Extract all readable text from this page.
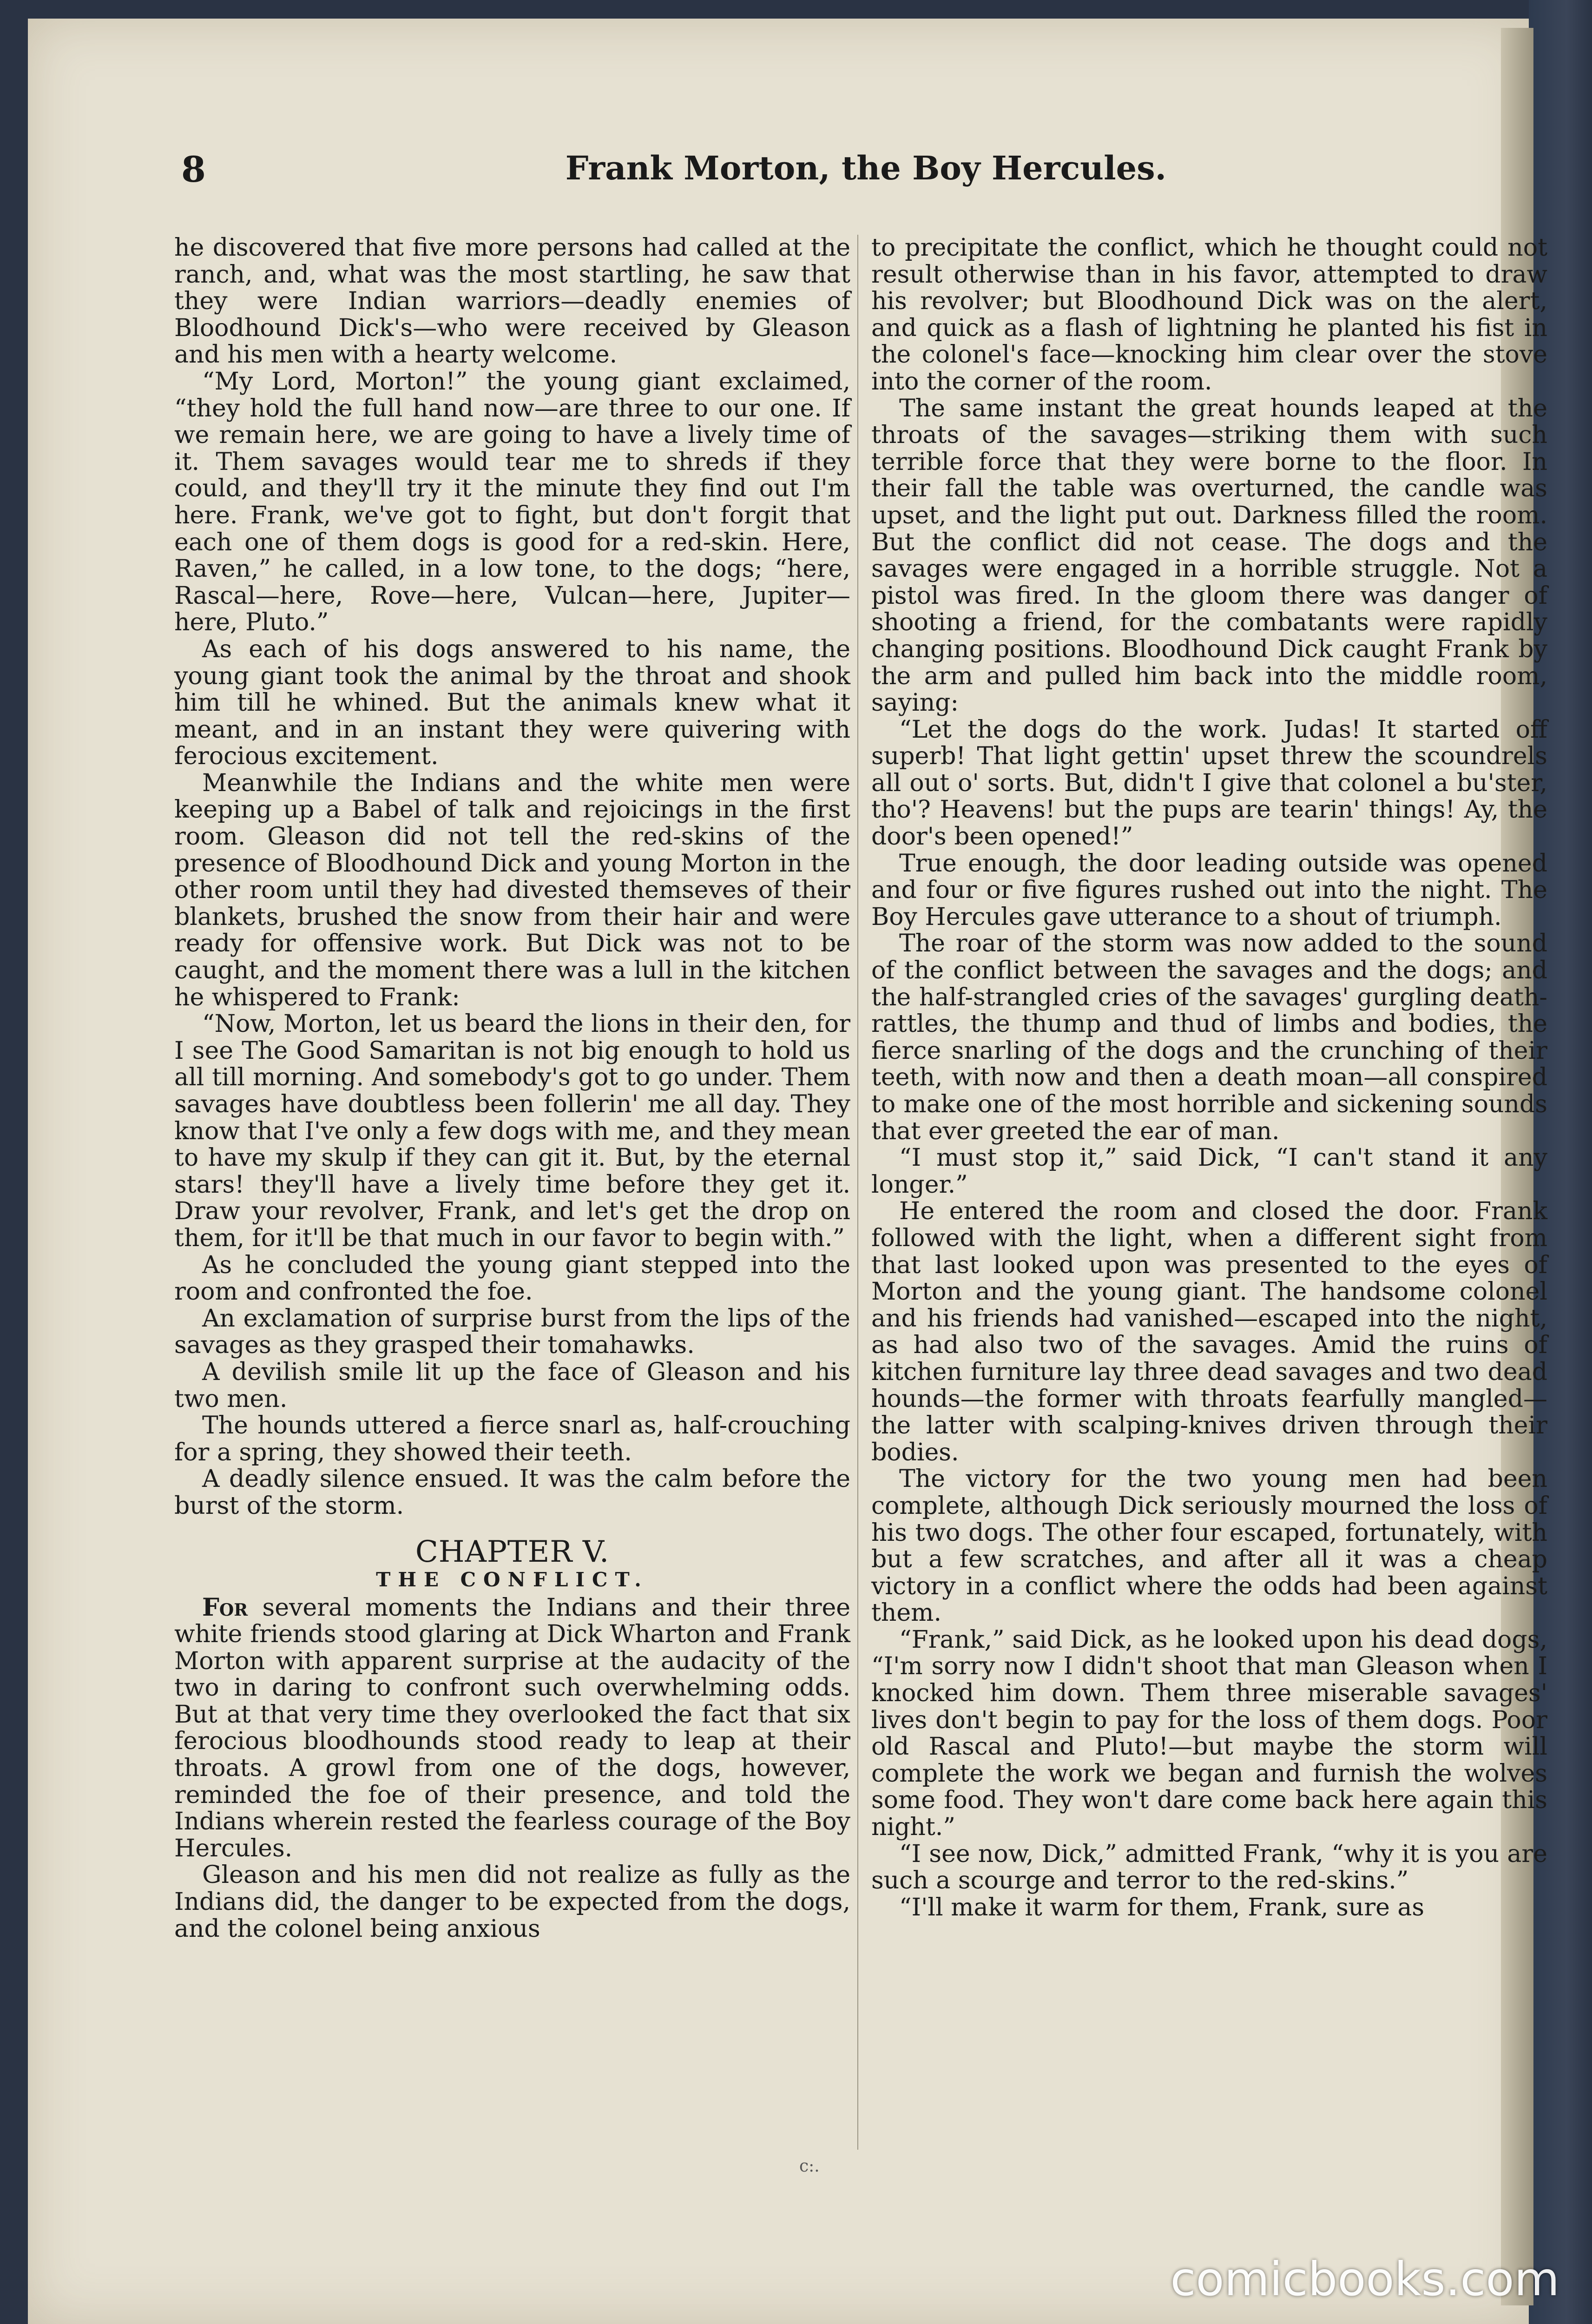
8	Frank Morton, the Boy Hercules.

he discovered that five more persons had called at the ranch, and, what was the most startling, he saw that they were Indian warriors—deadly enemies of Bloodhound Dick's—who were received by Gleason and his men with a hearty welcome.

“My Lord, Morton!” the young giant exclaimed, “they hold the full hand now—are three to our one. If we remain here, we are going to have a lively time of it. Them savages would tear me to shreds if they could, and they'll try it the minute they find out I'm here. Frank, we've got to fight, but don't forgit that each one of them dogs is good for a red-skin. Here, Raven,” he called, in a low tone, to the dogs; “here, Rascal—here, Rove—here, Vulcan—here, Jupiter—here, Pluto.”

As each of his dogs answered to his name, the young giant took the animal by the throat and shook him till he whined. But the animals knew what it meant, and in an instant they were quivering with ferocious excitement.

Meanwhile the Indians and the white men were keeping up a Babel of talk and rejoicings in the first room. Gleason did not tell the red-skins of the presence of Bloodhound Dick and young Morton in the other room until they had divested themseves of their blankets, brushed the snow from their hair and were ready for offensive work. But Dick was not to be caught, and the moment there was a lull in the kitchen he whispered to Frank:

“Now, Morton, let us beard the lions in their den, for I see The Good Samaritan is not big enough to hold us all till morning. And somebody's got to go under. Them savages have doubtless been follerin' me all day. They know that I've only a few dogs with me, and they mean to have my skulp if they can git it. But, by the eternal stars! they'll have a lively time before they get it. Draw your revolver, Frank, and let's get the drop on them, for it'll be that much in our favor to begin with.”

As he concluded the young giant stepped into the room and confronted the foe.

An exclamation of surprise burst from the lips of the savages as they grasped their tomahawks.

A devilish smile lit up the face of Gleason and his two men.

The hounds uttered a fierce snarl as, half-crouching for a spring, they showed their teeth.

A deadly silence ensued. It was the calm before the burst of the storm.

CHAPTER V.
THE CONFLICT.

For several moments the Indians and their three white friends stood glaring at Dick Wharton and Frank Morton with apparent surprise at the audacity of the two in daring to confront such overwhelming odds. But at that very time they overlooked the fact that six ferocious bloodhounds stood ready to leap at their throats. A growl from one of the dogs, however, reminded the foe of their presence, and told the Indians wherein rested the fearless courage of the Boy Hercules.

Gleason and his men did not realize as fully as the Indians did, the danger to be expected from the dogs, and the colonel being anxious

to precipitate the conflict, which he thought could not result otherwise than in his favor, attempted to draw his revolver; but Bloodhound Dick was on the alert, and quick as a flash of lightning he planted his fist in the colonel's face—knocking him clear over the stove into the corner of the room.

The same instant the great hounds leaped at the throats of the savages—striking them with such terrible force that they were borne to the floor. In their fall the table was overturned, the candle was upset, and the light put out. Darkness filled the room. But the conflict did not cease. The dogs and the savages were engaged in a horrible struggle. Not a pistol was fired. In the gloom there was danger of shooting a friend, for the combatants were rapidly changing positions. Bloodhound Dick caught Frank by the arm and pulled him back into the middle room, saying:

“Let the dogs do the work. Judas! It started off superb! That light gettin' upset threw the scoundrels all out o' sorts. But, didn't I give that colonel a bu'ster, tho'? Heavens! but the pups are tearin' things! Ay, the door's been opened!”

True enough, the door leading outside was opened and four or five figures rushed out into the night. The Boy Hercules gave utterance to a shout of triumph.

The roar of the storm was now added to the sound of the conflict between the savages and the dogs; and the half-strangled cries of the savages' gurgling death-rattles, the thump and thud of limbs and bodies, the fierce snarling of the dogs and the crunching of their teeth, with now and then a death moan—all conspired to make one of the most horrible and sickening sounds that ever greeted the ear of man.

“I must stop it,” said Dick, “I can't stand it any longer.”

He entered the room and closed the door. Frank followed with the light, when a different sight from that last looked upon was presented to the eyes of Morton and the young giant. The handsome colonel and his friends had vanished—escaped into the night, as had also two of the savages. Amid the ruins of kitchen furniture lay three dead savages and two dead hounds—the former with throats fearfully mangled—the latter with scalping-knives driven through their bodies.

The victory for the two young men had been complete, although Dick seriously mourned the loss of his two dogs. The other four escaped, fortunately, with but a few scratches, and after all it was a cheap victory in a conflict where the odds had been against them.

“Frank,” said Dick, as he looked upon his dead dogs, “I'm sorry now I didn't shoot that man Gleason when I knocked him down. Them three miserable savages' lives don't begin to pay for the loss of them dogs. Poor old Rascal and Pluto!—but maybe the storm will complete the work we began and furnish the wolves some food. They won't dare come back here again this night.”

“I see now, Dick,” admitted Frank, “why it is you are such a scourge and terror to the red-skins.”

“I'll make it warm for them, Frank, sure as

c:.
comicbooks.com
